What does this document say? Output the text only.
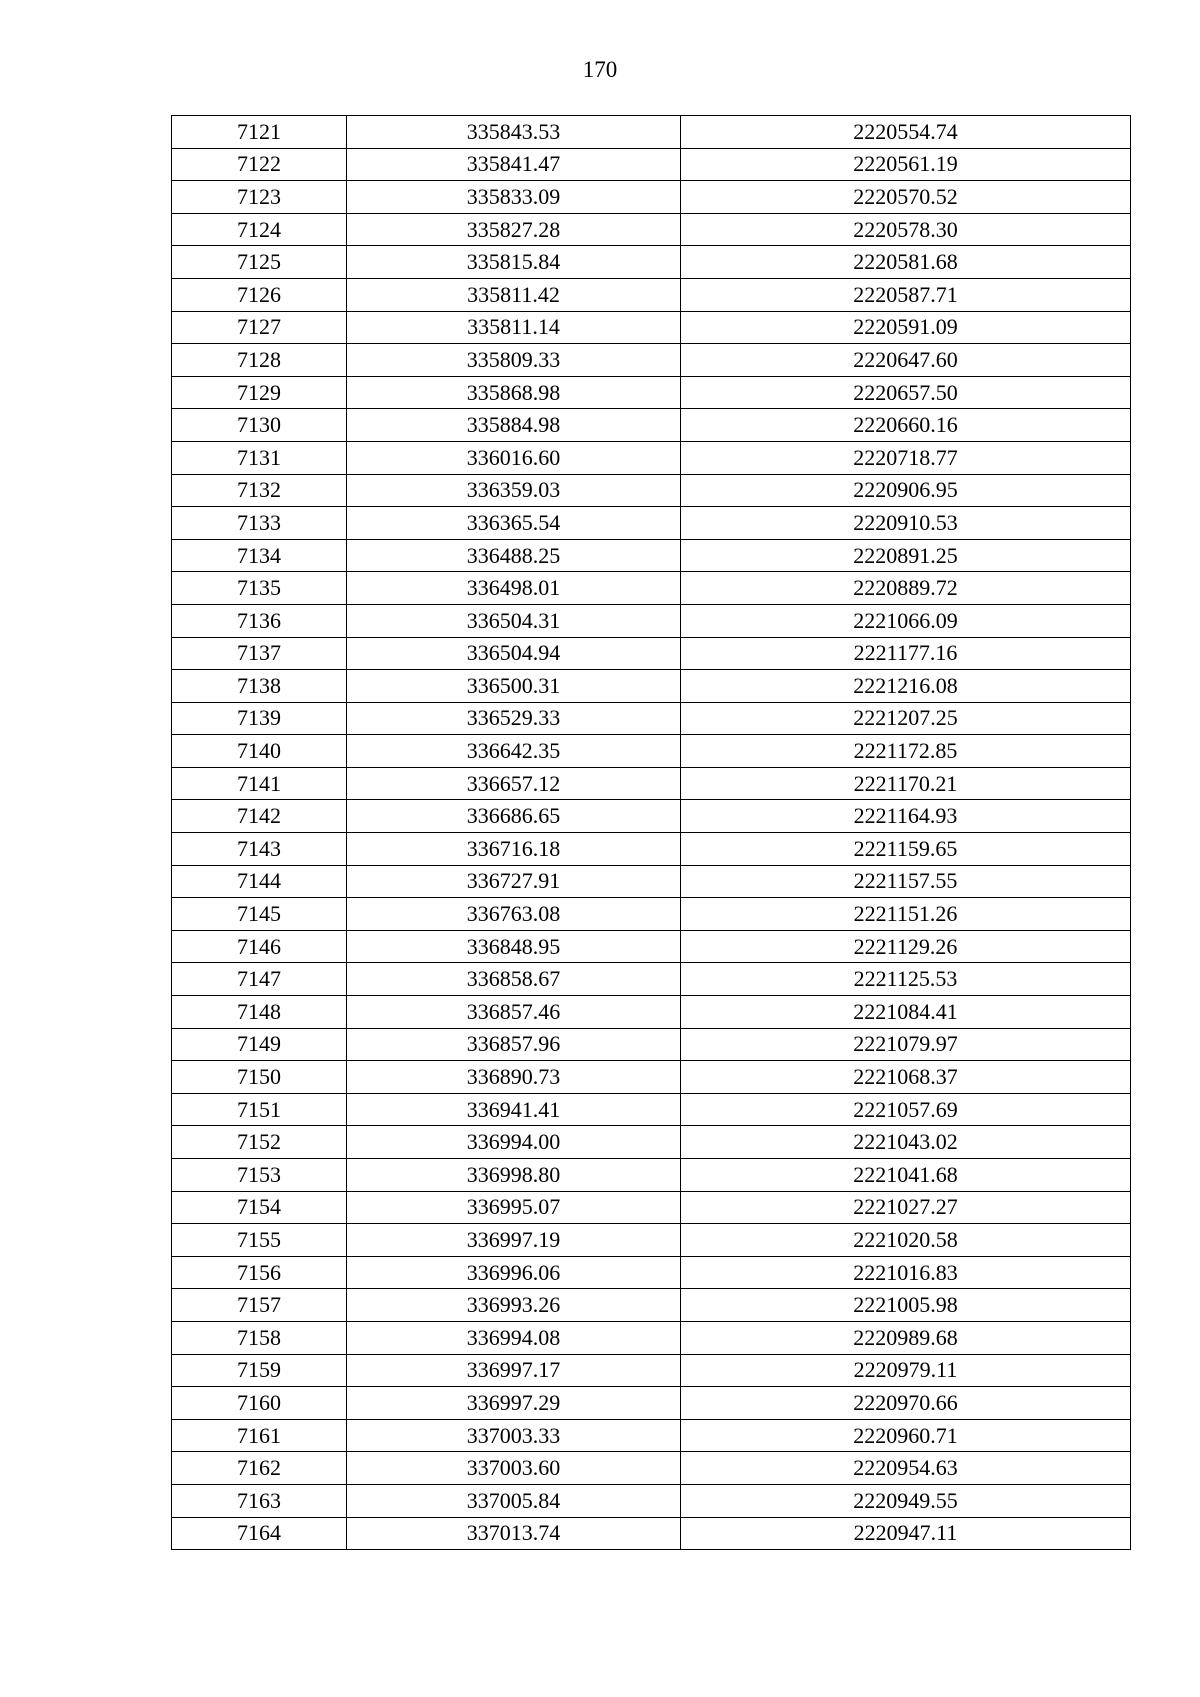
170
7121	335843.53	2220554.74
7122	335841.47	2220561.19
7123	335833.09	2220570.52
7124	335827.28	2220578.30
7125	335815.84	2220581.68
7126	335811.42	2220587.71
7127	335811.14	2220591.09
7128	335809.33	2220647.60
7129	335868.98	2220657.50
7130	335884.98	2220660.16
7131	336016.60	2220718.77
7132	336359.03	2220906.95
7133	336365.54	2220910.53
7134	336488.25	2220891.25
7135	336498.01	2220889.72
7136	336504.31	2221066.09
7137	336504.94	2221177.16
7138	336500.31	2221216.08
7139	336529.33	2221207.25
7140	336642.35	2221172.85
7141	336657.12	2221170.21
7142	336686.65	2221164.93
7143	336716.18	2221159.65
7144	336727.91	2221157.55
7145	336763.08	2221151.26
7146	336848.95	2221129.26
7147	336858.67	2221125.53
7148	336857.46	2221084.41
7149	336857.96	2221079.97
7150	336890.73	2221068.37
7151	336941.41	2221057.69
7152	336994.00	2221043.02
7153	336998.80	2221041.68
7154	336995.07	2221027.27
7155	336997.19	2221020.58
7156	336996.06	2221016.83
7157	336993.26	2221005.98
7158	336994.08	2220989.68
7159	336997.17	2220979.11
7160	336997.29	2220970.66
7161	337003.33	2220960.71
7162	337003.60	2220954.63
7163	337005.84	2220949.55
7164	337013.74	2220947.11
